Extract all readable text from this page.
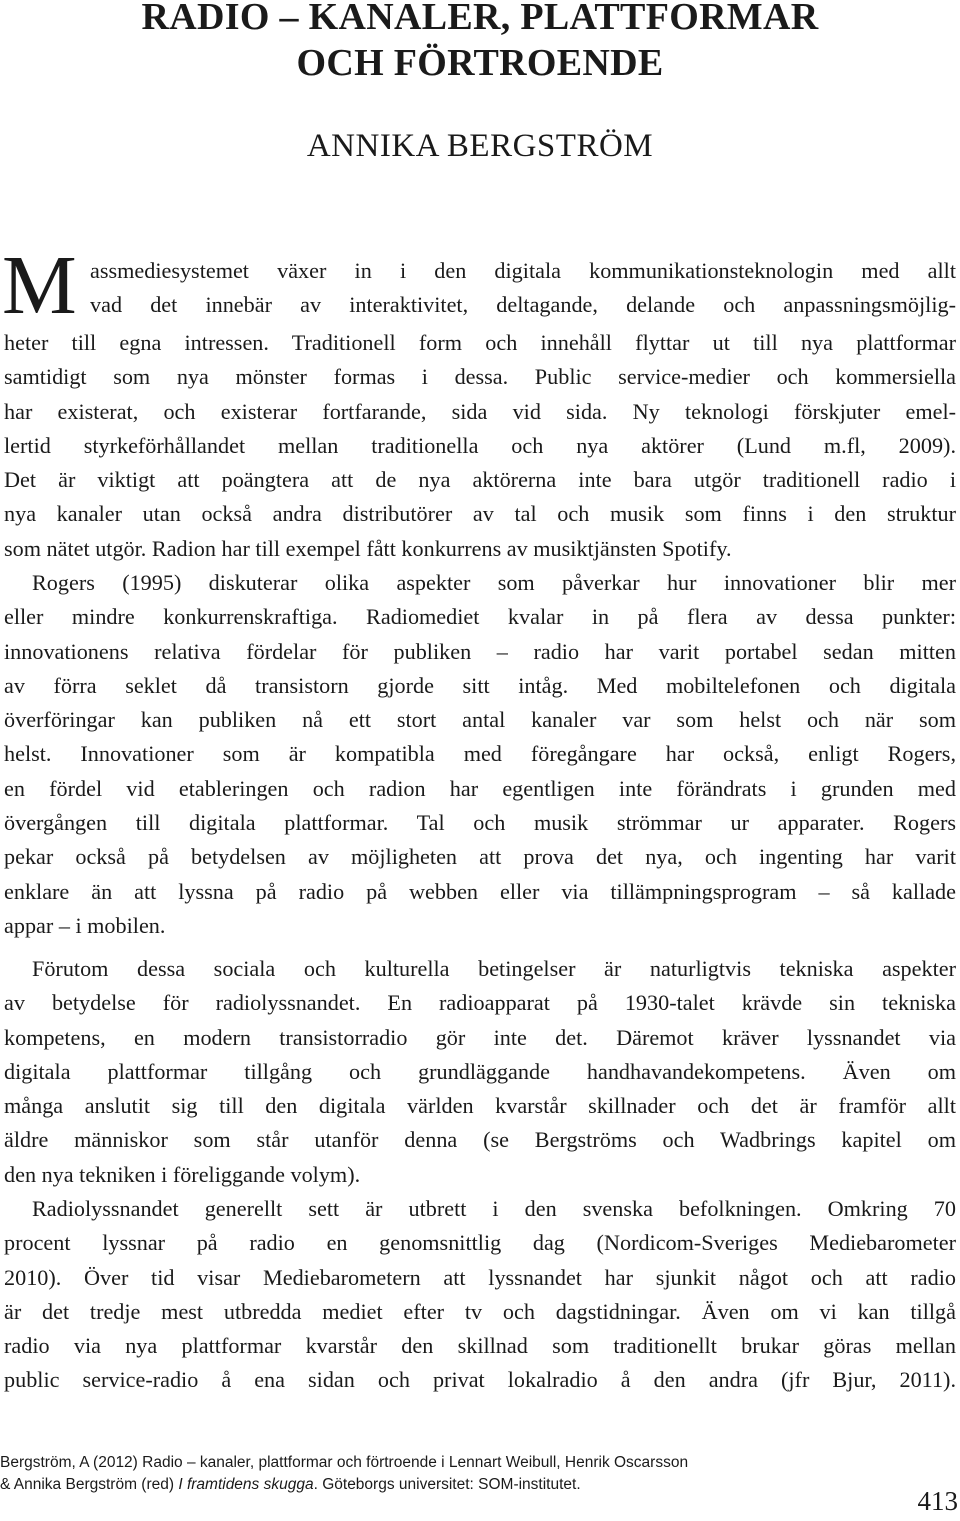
RADIO – KANALER, PLATTFORMAR
OCH FÖRTROENDE
ANNIKA BERGSTRÖM
M assmediesystemet växer in i den digitala kommunikationsteknologin med allt
vad det innebär av interaktivitet, deltagande, delande och anpassningsmöjlig-
heter till egna intressen. Traditionell form och innehåll flyttar ut till nya plattformar
samtidigt som nya mönster formas i dessa. Public service-medier och kommersiella
har existerat, och existerar fortfarande, sida vid sida. Ny teknologi förskjuter emel-
lertid styrkeförhållandet mellan traditionella och nya aktörer (Lund m.fl, 2009).
Det är viktigt att poängtera att de nya aktörerna inte bara utgör traditionell radio i
nya kanaler utan också andra distributörer av tal och musik som finns i den struktur
som nätet utgör. Radion har till exempel fått konkurrens av musiktjänsten Spotify.
Rogers (1995) diskuterar olika aspekter som påverkar hur innovationer blir mer
eller mindre konkurrenskraftiga. Radiomediet kvalar in på flera av dessa punkter:
innovationens relativa fördelar för publiken – radio har varit portabel sedan mitten
av förra seklet då transistorn gjorde sitt intåg. Med mobiltelefonen och digitala
överföringar kan publiken nå ett stort antal kanaler var som helst och när som
helst. Innovationer som är kompatibla med föregångare har också, enligt Rogers,
en fördel vid etableringen och radion har egentligen inte förändrats i grunden med
övergången till digitala plattformar. Tal och musik strömmar ur apparater. Rogers
pekar också på betydelsen av möjligheten att prova det nya, och ingenting har varit
enklare än att lyssna på radio på webben eller via tillämpningsprogram – så kallade
appar – i mobilen.
Förutom dessa sociala och kulturella betingelser är naturligtvis tekniska aspekter
av betydelse för radiolyssnandet. En radioapparat på 1930-talet krävde sin tekniska
kompetens, en modern transistorradio gör inte det. Däremot kräver lyssnandet via
digitala plattformar tillgång och grundläggande handhavandekompetens. Även om
många anslutit sig till den digitala världen kvarstår skillnader och det är framför allt
äldre människor som står utanför denna (se Bergströms och Wadbrings kapitel om
den nya tekniken i föreliggande volym).
Radiolyssnandet generellt sett är utbrett i den svenska befolkningen. Omkring 70
procent lyssnar på radio en genomsnittlig dag (Nordicom-Sveriges Mediebarometer
2010). Över tid visar Mediebarometern att lyssnandet har sjunkit något och att radio
är det tredje mest utbredda mediet efter tv och dagstidningar. Även om vi kan tillgå
radio via nya plattformar kvarstår den skillnad som traditionellt brukar göras mellan
public service-radio å ena sidan och privat lokalradio å den andra (jfr Bjur, 2011).
Bergström, A (2012) Radio – kanaler, plattformar och förtroende i Lennart Weibull, Henrik Oscarsson
& Annika Bergström (red) I framtidens skugga. Göteborgs universitet: SOM-institutet.
413
